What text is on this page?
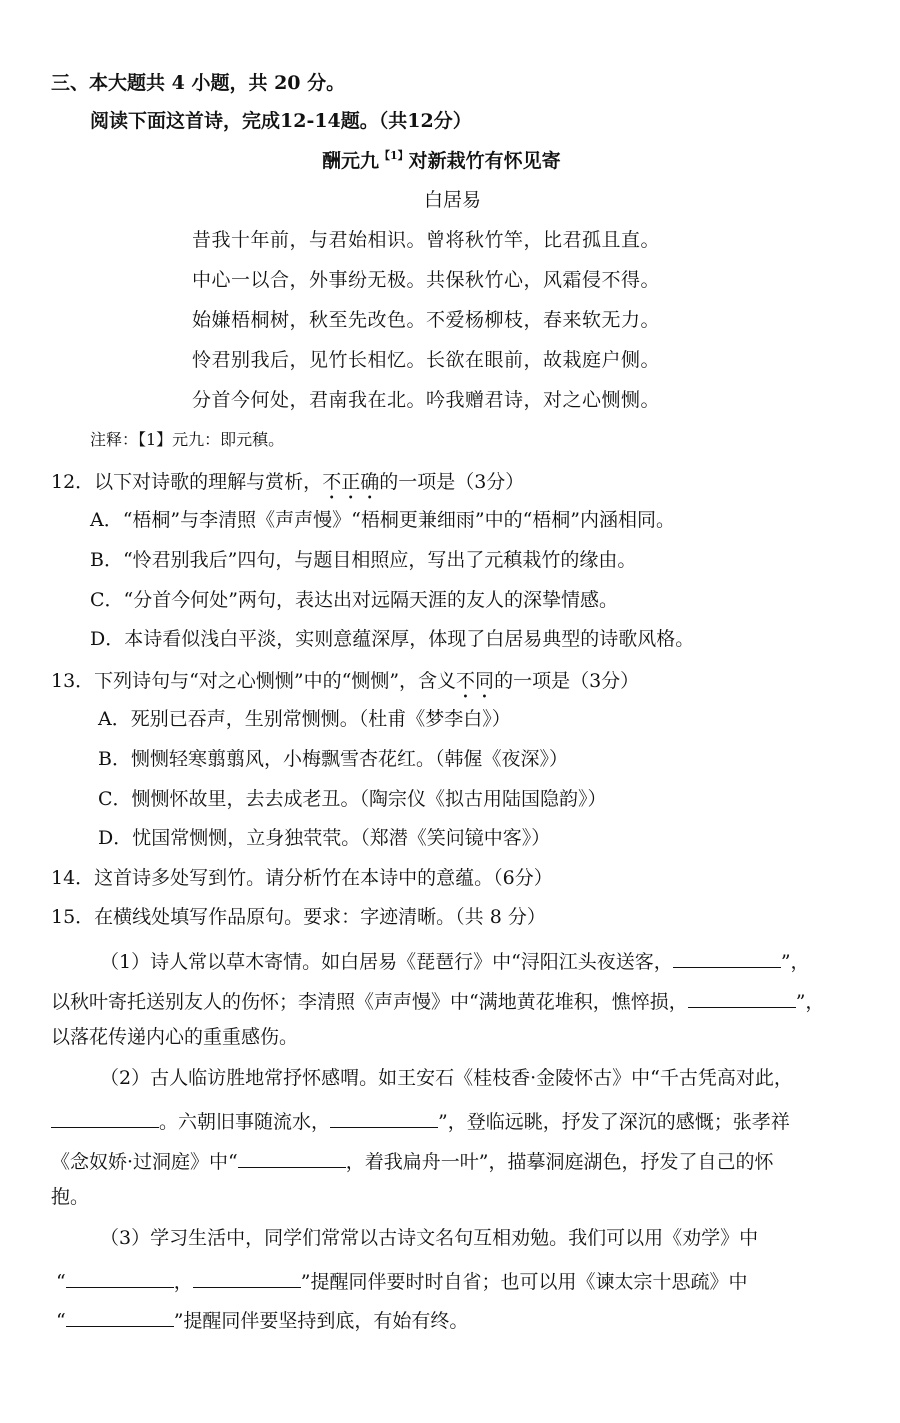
三、本大题共 4 小题，共 20 分。
阅读下面这首诗，完成12-14题。（共12分）
酬元九$^{【1】}$对新栽竹有怀见寄
白居易
昔我十年前，与君始相识。曾将秋竹竿，比君孤且直。
中心一以合，外事纷无极。共保秋竹心，风霜侵不得。
始嫌梧桐树，秋至先改色。不爱杨柳枝，春来软无力。
怜君别我后，见竹长相忆。长欲在眼前，故栽庭户侧。
分首今何处，君南我在北。吟我赠君诗，对之心恻恻。
注释：【1】元九：即元稹。
12．以下对诗歌的理解与赏析，不正确的一项是（3分）
A．“梧桐”与李清照《声声慢》“梧桐更兼细雨”中的“梧桐”内涵相同。
B．“怜君别我后”四句，与题目相照应，写出了元稹栽竹的缘由。
C．“分首今何处”两句，表达出对远隔天涯的友人的深挚情感。
D．本诗看似浅白平淡，实则意蕴深厚，体现了白居易典型的诗歌风格。
13．下列诗句与“对之心恻恻”中的“恻恻”，含义不同的一项是（3分）
A．死别已吞声，生别常恻恻。（杜甫《梦李白》）
B．恻恻轻寒翦翦风，小梅飘雪杏花红。（韩偓《夜深》）
C．恻恻怀故里，去去成老丑。（陶宗仪《拟古用陆国隐韵》）
D．忧国常恻恻，立身独茕茕。（郑潜《笑问镜中客》）
14．这首诗多处写到竹。请分析竹在本诗中的意蕴。（6分）
15．在横线处填写作品原句。要求：字迹清晰。（共 8 分）
（1）诗人常以草木寄情。如白居易《琵琶行》中“浔阳江头夜送客，	”，
以秋叶寄托送别友人的伤怀；李清照《声声慢》中“满地黄花堆积，憔悴损，	”，
以落花传递内心的重重感伤。
（2）古人临访胜地常抒怀感喟。如王安石《桂枝香·金陵怀古》中“千古凭高对此，
。六朝旧事随流水，	”，登临远眺，抒发了深沉的感慨；张孝祥
《念奴娇·过洞庭》中“	，着我扁舟一叶”，描摹洞庭湖色，抒发了自己的怀
抱。
（3）学习生活中，同学们常常以古诗文名句互相劝勉。我们可以用《劝学》中
“	，	”提醒同伴要时时自省；也可以用《谏太宗十思疏》中
“	”提醒同伴要坚持到底，有始有终。
